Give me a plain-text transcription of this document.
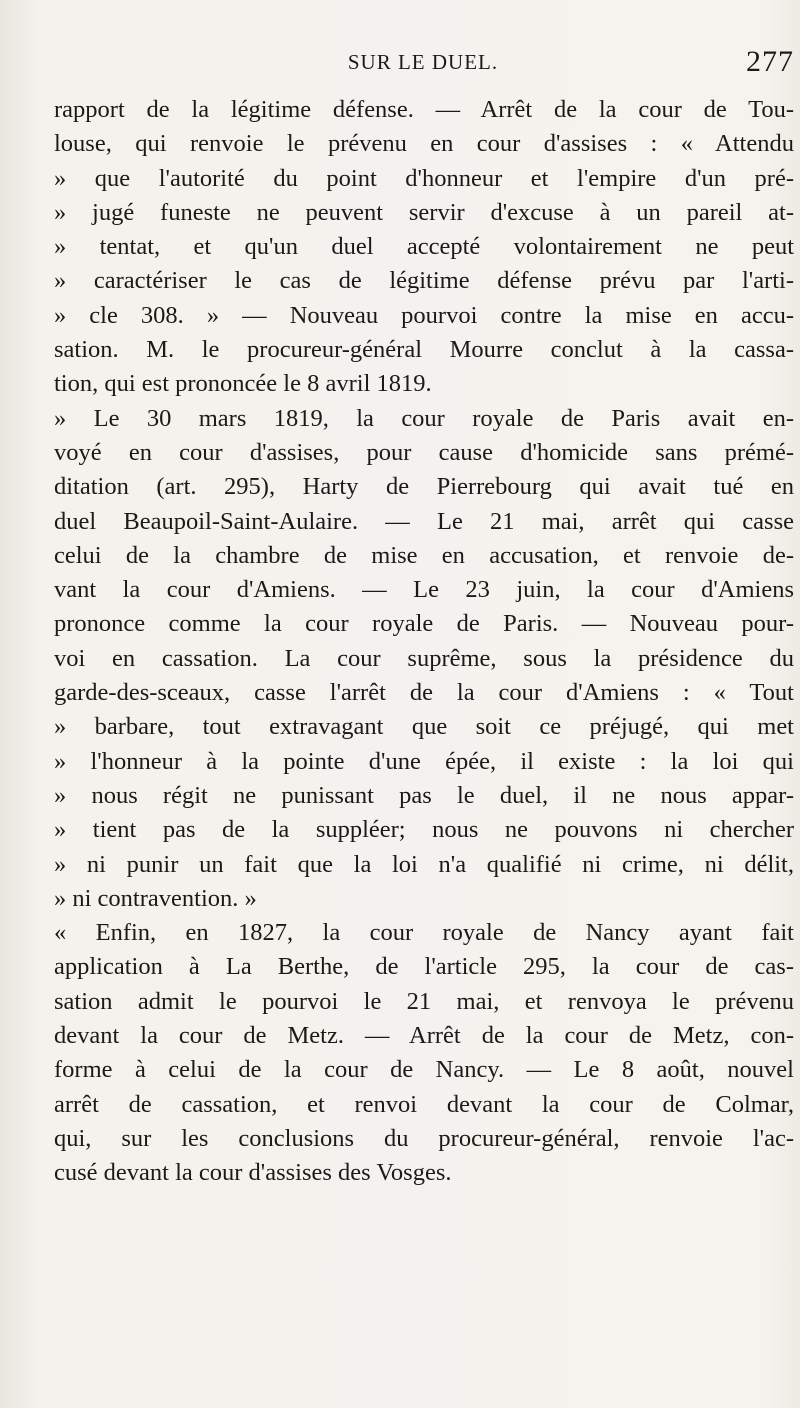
SUR LE DUEL.	277
rapport de la légitime défense. — Arrêt de la cour de Tou-
louse, qui renvoie le prévenu en cour d'assises : « Attendu
» que l'autorité du point d'honneur et l'empire d'un pré-
» jugé funeste ne peuvent servir d'excuse à un pareil at-
» tentat, et qu'un duel accepté volontairement ne peut
» caractériser le cas de légitime défense prévu par l'arti-
» cle 308. » — Nouveau pourvoi contre la mise en accu-
sation. M. le procureur-général Mourre conclut à la cassa-
tion, qui est prononcée le 8 avril 1819.
» Le 30 mars 1819, la cour royale de Paris avait en-
voyé en cour d'assises, pour cause d'homicide sans prémé-
ditation (art. 295), Harty de Pierrebourg qui avait tué en
duel Beaupoil-Saint-Aulaire. — Le 21 mai, arrêt qui casse
celui de la chambre de mise en accusation, et renvoie de-
vant la cour d'Amiens. — Le 23 juin, la cour d'Amiens
prononce comme la cour royale de Paris. — Nouveau pour-
voi en cassation. La cour suprême, sous la présidence du
garde-des-sceaux, casse l'arrêt de la cour d'Amiens : « Tout
» barbare, tout extravagant que soit ce préjugé, qui met
» l'honneur à la pointe d'une épée, il existe : la loi qui
» nous régit ne punissant pas le duel, il ne nous appar-
» tient pas de la suppléer; nous ne pouvons ni chercher
» ni punir un fait que la loi n'a qualifié ni crime, ni délit,
» ni contravention. »
« Enfin, en 1827, la cour royale de Nancy ayant fait
application à La Berthe, de l'article 295, la cour de cas-
sation admit le pourvoi le 21 mai, et renvoya le prévenu
devant la cour de Metz. — Arrêt de la cour de Metz, con-
forme à celui de la cour de Nancy. — Le 8 août, nouvel
arrêt de cassation, et renvoi devant la cour de Colmar,
qui, sur les conclusions du procureur-général, renvoie l'ac-
cusé devant la cour d'assises des Vosges.
